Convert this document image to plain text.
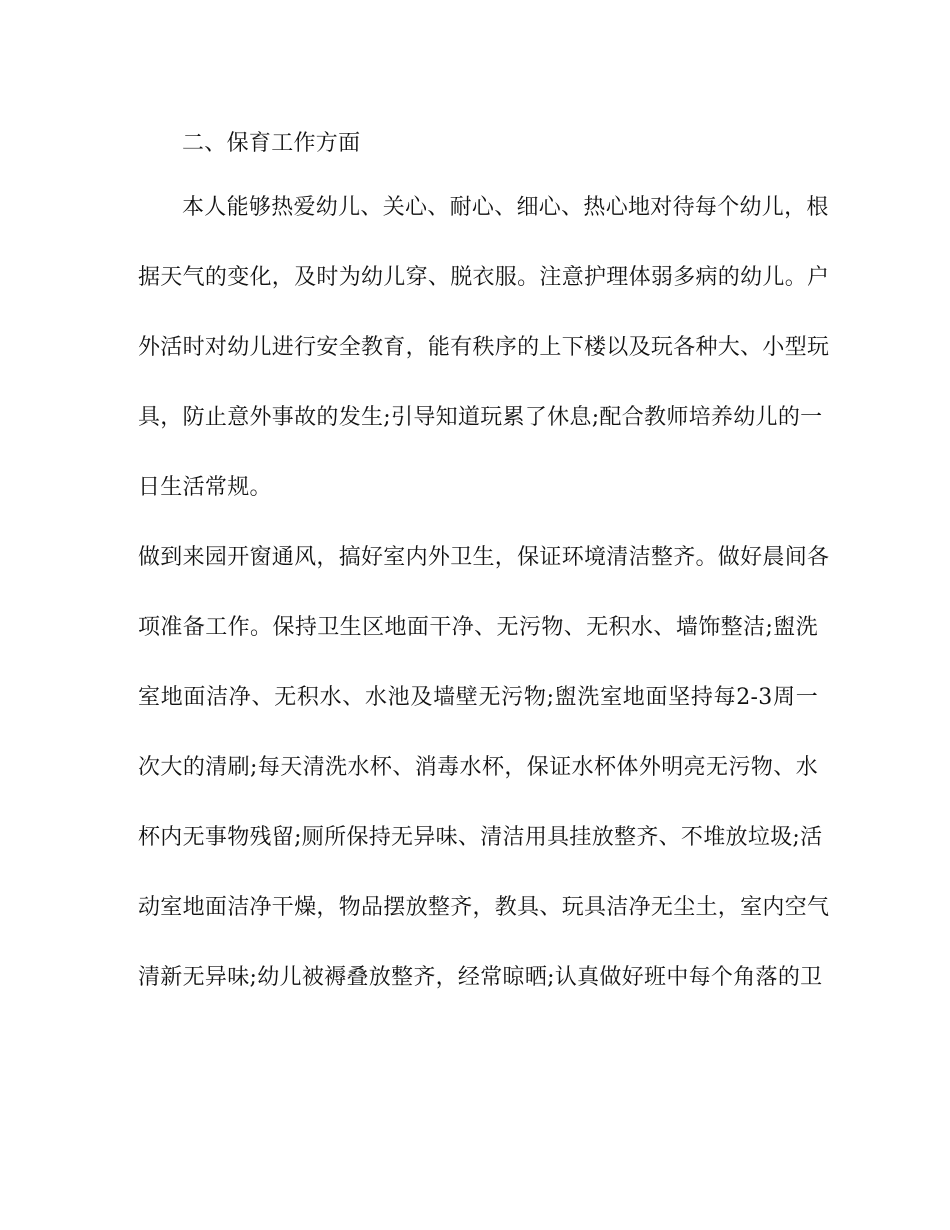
二、保育工作方面
本人能够热爱幼儿、关心、耐心、细心、热心地对待每个幼儿，根
据天气的变化，及时为幼儿穿、脱衣服。注意护理体弱多病的幼儿。户
外活时对幼儿进行安全教育，能有秩序的上下楼以及玩各种大、小型玩
具，防止意外事故的发生;引导知道玩累了休息;配合教师培养幼儿的一
日生活常规。
做到来园开窗通风，搞好室内外卫生，保证环境清洁整齐。做好晨间各
项准备工作。保持卫生区地面干净、无污物、无积水、墙饰整洁;盥洗
室地面洁净、无积水、水池及墙壁无污物;盥洗室地面坚持每2-3周一
次大的清刷;每天清洗水杯、消毒水杯，保证水杯体外明亮无污物、水
杯内无事物残留;厕所保持无异味、清洁用具挂放整齐、不堆放垃圾;活
动室地面洁净干燥，物品摆放整齐，教具、玩具洁净无尘土，室内空气
清新无异味;幼儿被褥叠放整齐，经常晾晒;认真做好班中每个角落的卫
